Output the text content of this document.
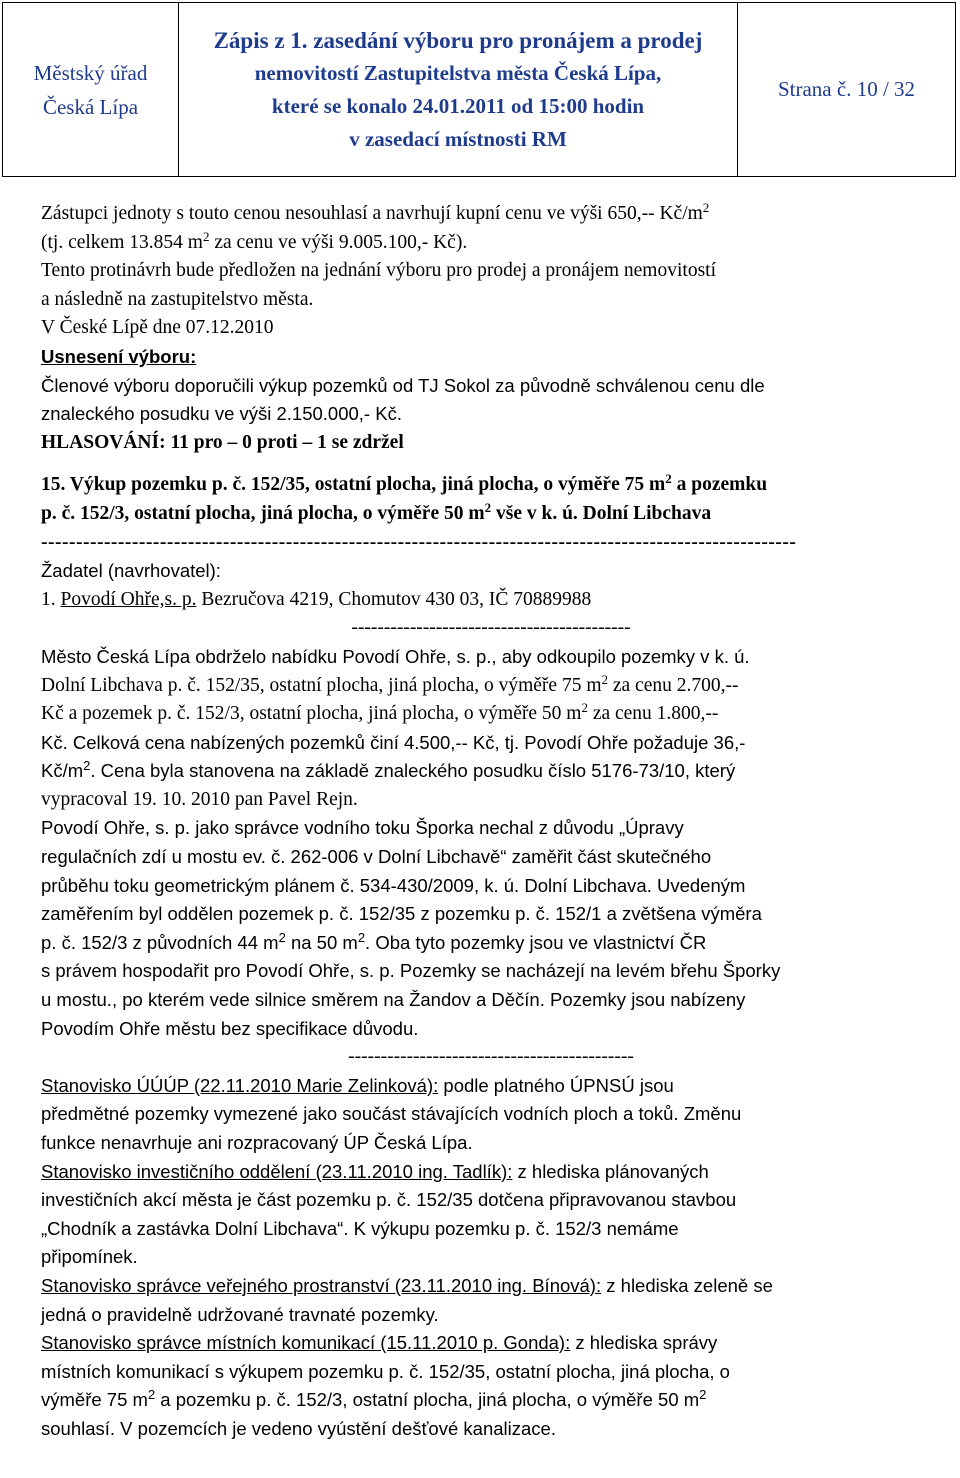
Městský úřad
Česká Lípa
Zápis z 1. zasedání výboru pro pronájem a prodej
nemovitostí Zastupitelstva města Česká Lípa,
které se konalo 24.01.2011 od 15:00 hodin
v zasedací místnosti RM
Strana č. 10 / 32
Zástupci jednoty s touto cenou nesouhlasí a navrhují kupní cenu ve výši 650,-- $Kč/m^2$
(tj. celkem 13.854 $m^2$ za cenu ve výši 9.005.100,- Kč).
Tento protinávrh bude předložen na jednání výboru pro prodej a pronájem nemovitostí
a následně na zastupitelstvo města.
V České Lípě dne 07.12.2010
Usnesení výboru:
Členové výboru doporučili výkup pozemků od TJ Sokol za původně schválenou cenu dle
znaleckého posudku ve výši 2.150.000,- Kč.
HLASOVÁNÍ: 11 pro – 0 proti – 1 se zdržel
15. Výkup pozemku p. č. 152/35, ostatní plocha, jiná plocha, o výměře 75 $m^2$ a pozemku
p. č. 152/3, ostatní plocha, jiná plocha, o výměře 50 $m^2$ vše v k. ú. Dolní Libchava
------------------------------------------------------------------------------------------------------------
Žadatel (navrhovatel):
1. Povodí Ohře,s. p. Bezručova 4219, Chomutov 430 03, IČ 70889988
-------------------------------------------
Město Česká Lípa obdrželo nabídku Povodí Ohře, s. p., aby odkoupilo pozemky v k. ú.
Dolní Libchava p. č. 152/35, ostatní plocha, jiná plocha, o výměře 75 $m^2$ za cenu 2.700,--
Kč a pozemek p. č. 152/3, ostatní plocha, jiná plocha, o výměře 50 $m^2$ za cenu 1.800,--
Kč. Celková cena nabízených pozemků činí 4.500,-- Kč, tj. Povodí Ohře požaduje 36,-
$Kč/m^2$. Cena byla stanovena na základě znaleckého posudku číslo 5176-73/10, který
vypracoval 19. 10. 2010 pan Pavel Rejn.
Povodí Ohře, s. p. jako správce vodního toku Šporka nechal z důvodu „Úpravy
regulačních zdí u mostu ev. č. 262-006 v Dolní Libchavě“ zaměřit část skutečného
průběhu toku geometrickým plánem č. 534-430/2009, k. ú. Dolní Libchava. Uvedeným
zaměřením byl oddělen pozemek p. č. 152/35 z pozemku p. č. 152/1 a zvětšena výměra
p. č. 152/3 z původních 44 $m^2$ na 50 $m^2$. Oba tyto pozemky jsou ve vlastnictví ČR
s právem hospodařit pro Povodí Ohře, s. p. Pozemky se nacházejí na levém břehu Šporky
u mostu., po kterém vede silnice směrem na Žandov a Děčín. Pozemky jsou nabízeny
Povodím Ohře městu bez specifikace důvodu.
--------------------------------------------
Stanovisko ÚÚÚP (22.11.2010 Marie Zelinková): podle platného ÚPNSÚ jsou
předmětné pozemky vymezené jako součást stávajících vodních ploch a toků. Změnu
funkce nenavrhuje ani rozpracovaný ÚP Česká Lípa.
Stanovisko investičního oddělení (23.11.2010 ing. Tadlík): z hlediska plánovaných
investičních akcí města je část pozemku p. č. 152/35 dotčena připravovanou stavbou
„Chodník a zastávka Dolní Libchava“. K výkupu pozemku p. č. 152/3 nemáme
připomínek.
Stanovisko správce veřejného prostranství (23.11.2010 ing. Bínová): z hlediska zeleně se
jedná o pravidelně udržované travnaté pozemky.
Stanovisko správce místních komunikací (15.11.2010 p. Gonda): z hlediska správy
místních komunikací s výkupem pozemku p. č. 152/35, ostatní plocha, jiná plocha, o
výměře 75 $m^2$ a pozemku p. č. 152/3, ostatní plocha, jiná plocha, o výměře 50 $m^2$
souhlasí. V pozemcích je vedeno vyústění dešťové kanalizace.
